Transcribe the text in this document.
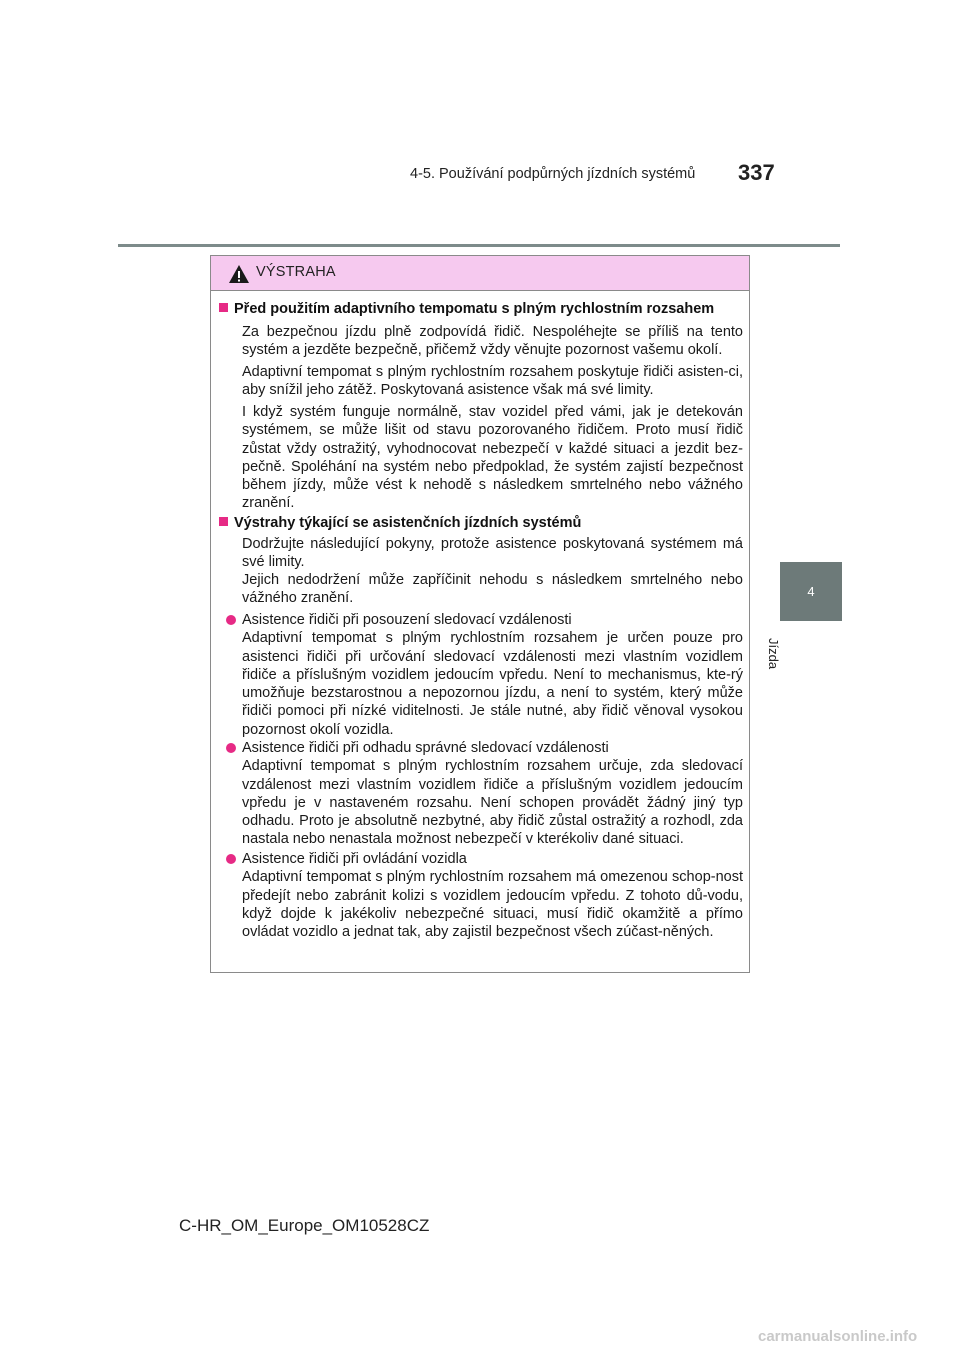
4-5. Používání podpůrných jízdních systémů 337
4
Jízda
VÝSTRAHA
Před použitím adaptivního tempomatu s plným rychlostním rozsahem
Za bezpečnou jízdu plně zodpovídá řidič. Nespoléhejte se příliš na tento systém a jezděte bezpečně, přičemž vždy věnujte pozornost vašemu okolí.
Adaptivní tempomat s plným rychlostním rozsahem poskytuje řidiči asisten-ci, aby snížil jeho zátěž. Poskytovaná asistence však má své limity.
I když systém funguje normálně, stav vozidel před vámi, jak je detekován systémem, se může lišit od stavu pozorovaného řidičem. Proto musí řidič zůstat vždy ostražitý, vyhodnocovat nebezpečí v každé situaci a jezdit bez-pečně. Spoléhání na systém nebo předpoklad, že systém zajistí bezpečnost během jízdy, může vést k nehodě s následkem smrtelného nebo vážného zranění.
Výstrahy týkající se asistenčních jízdních systémů
Dodržujte následující pokyny, protože asistence poskytovaná systémem má své limity.
Jejich nedodržení může zapříčinit nehodu s následkem smrtelného nebo vážného zranění.
Asistence řidiči při posouzení sledovací vzdálenosti
Adaptivní tempomat s plným rychlostním rozsahem je určen pouze pro asistenci řidiči při určování sledovací vzdálenosti mezi vlastním vozidlem řidiče a příslušným vozidlem jedoucím vpředu. Není to mechanismus, kte-rý umožňuje bezstarostnou a nepozornou jízdu, a není to systém, který může řidiči pomoci při nízké viditelnosti. Je stále nutné, aby řidič věnoval vysokou pozornost okolí vozidla.
Asistence řidiči při odhadu správné sledovací vzdálenosti
Adaptivní tempomat s plným rychlostním rozsahem určuje, zda sledovací vzdálenost mezi vlastním vozidlem řidiče a příslušným vozidlem jedoucím vpředu je v nastaveném rozsahu. Není schopen provádět žádný jiný typ odhadu. Proto je absolutně nezbytné, aby řidič zůstal ostražitý a rozhodl, zda nastala nebo nenastala možnost nebezpečí v kterékoliv dané situaci.
Asistence řidiči při ovládání vozidla
Adaptivní tempomat s plným rychlostním rozsahem má omezenou schop-nost předejít nebo zabránit kolizi s vozidlem jedoucím vpředu. Z tohoto dů-vodu, když dojde k jakékoliv nebezpečné situaci, musí řidič okamžitě a přímo ovládat vozidlo a jednat tak, aby zajistil bezpečnost všech zúčast-něných.
C-HR_OM_Europe_OM10528CZ
carmanualsonline.info
